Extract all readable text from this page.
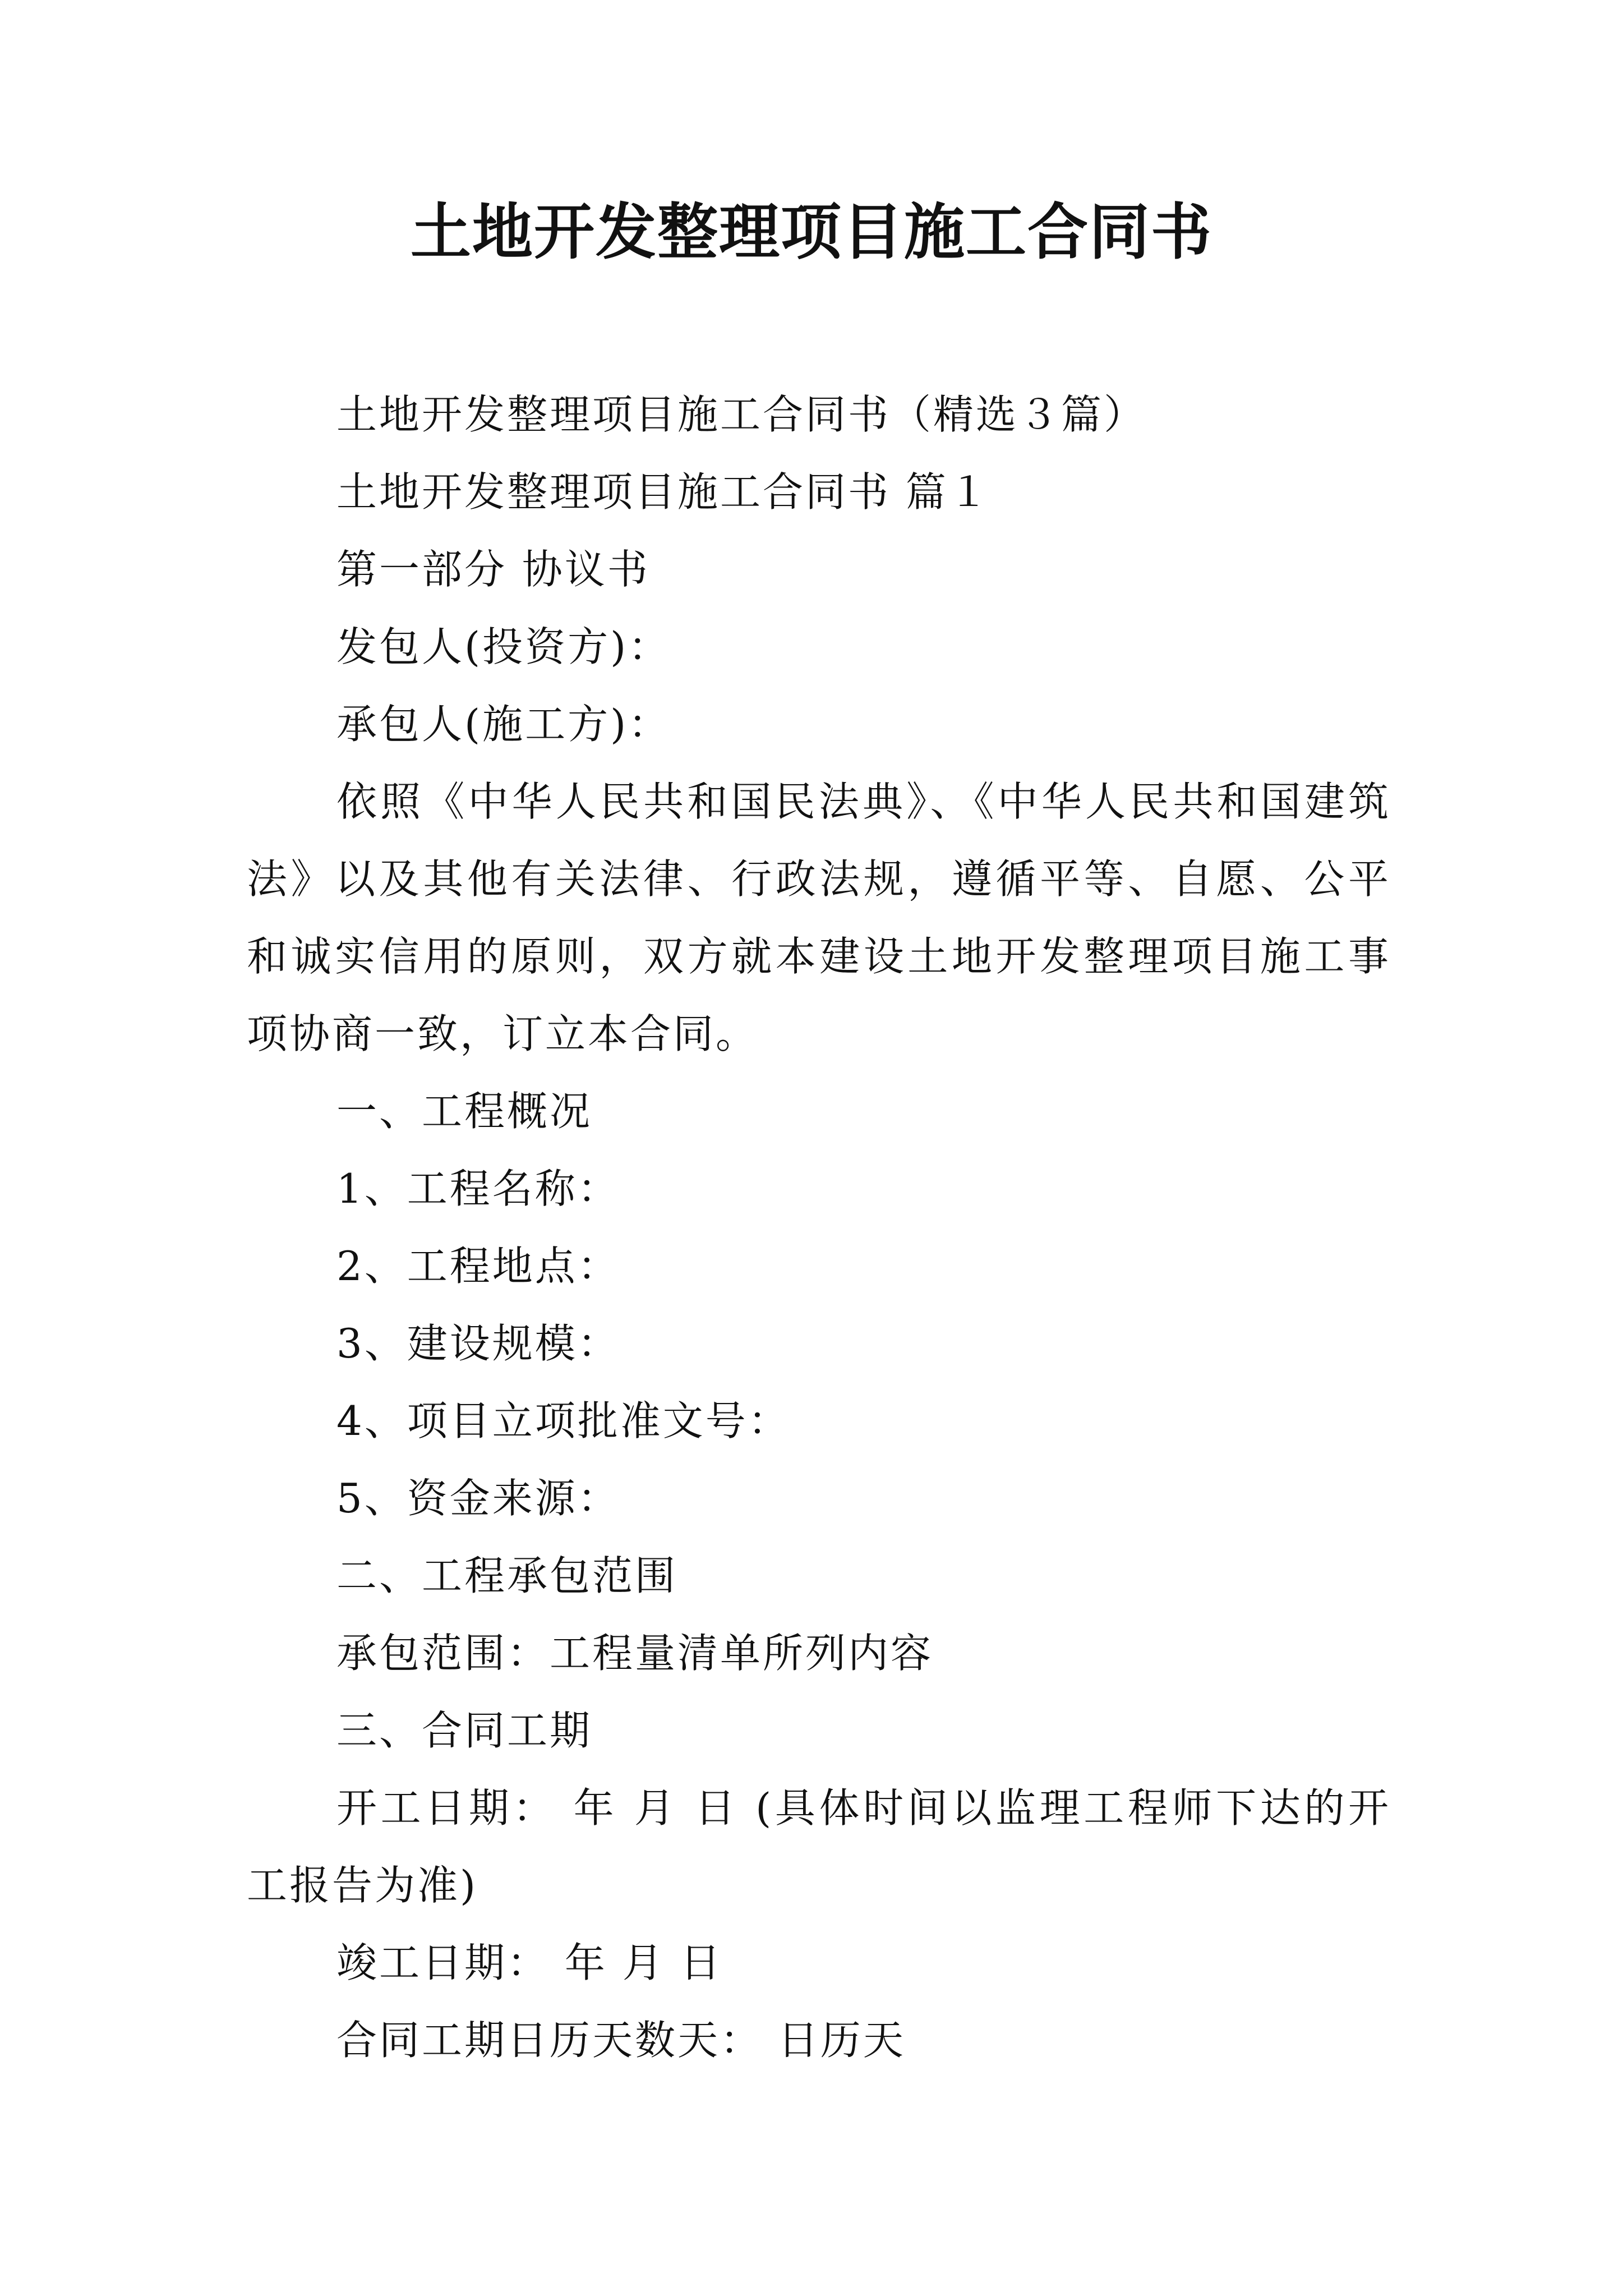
土地开发整理项目施工合同书

土地开发整理项目施工合同书（精选３篇）

土地开发整理项目施工合同书 篇１

第一部分 协议书

发包人(投资方)：

承包人(施工方)：

依照《中华人民共和国民法典》、《中华人民共和国建筑法》以及其他有关法律、行政法规，遵循平等、自愿、公平和诚实信用的原则，双方就本建设土地开发整理项目施工事项协商一致，订立本合同。

一、工程概况

1、工程名称：

2、工程地点：

3、建设规模：

4、项目立项批准文号：

5、资金来源：

二、工程承包范围

承包范围：工程量清单所列内容

三、合同工期

开工日期： 年 月 日 (具体时间以监理工程师下达的开工报告为准)

竣工日期： 年 月 日

合同工期日历天数天： 日历天
